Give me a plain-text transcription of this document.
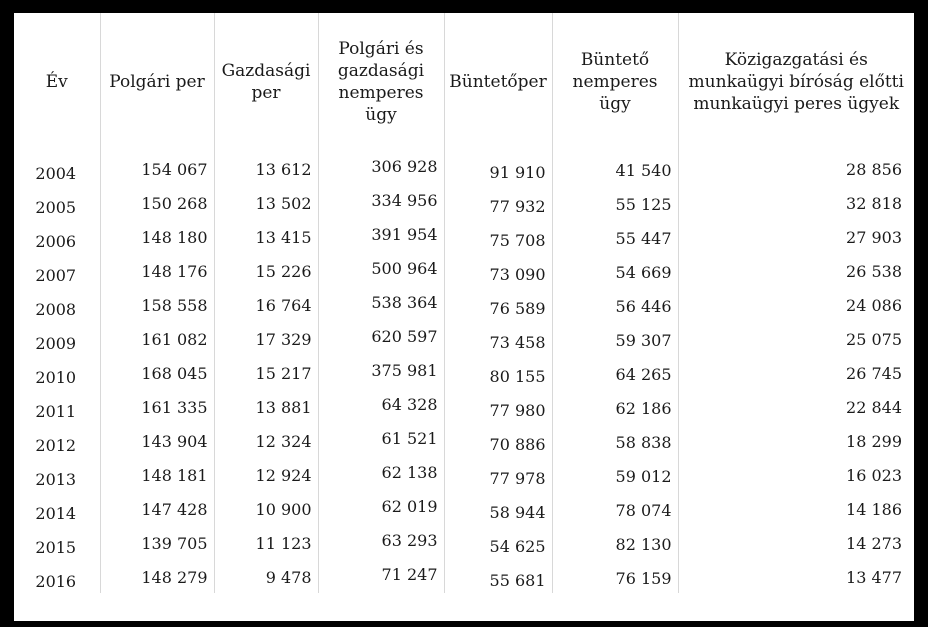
Év	Polgári per	Gazdasági per	Polgári és gazdasági nemperes ügy	Büntetőper	Büntető nemperes ügy	Közigazgatási és munkaügyi bíróság előtti munkaügyi peres ügyek
2004	154 067	13 612	306 928	91 910	41 540	28 856
2005	150 268	13 502	334 956	77 932	55 125	32 818
2006	148 180	13 415	391 954	75 708	55 447	27 903
2007	148 176	15 226	500 964	73 090	54 669	26 538
2008	158 558	16 764	538 364	76 589	56 446	24 086
2009	161 082	17 329	620 597	73 458	59 307	25 075
2010	168 045	15 217	375 981	80 155	64 265	26 745
2011	161 335	13 881	64 328	77 980	62 186	22 844
2012	143 904	12 324	61 521	70 886	58 838	18 299
2013	148 181	12 924	62 138	77 978	59 012	16 023
2014	147 428	10 900	62 019	58 944	78 074	14 186
2015	139 705	11 123	63 293	54 625	82 130	14 273
2016	148 279	9 478	71 247	55 681	76 159	13 477
